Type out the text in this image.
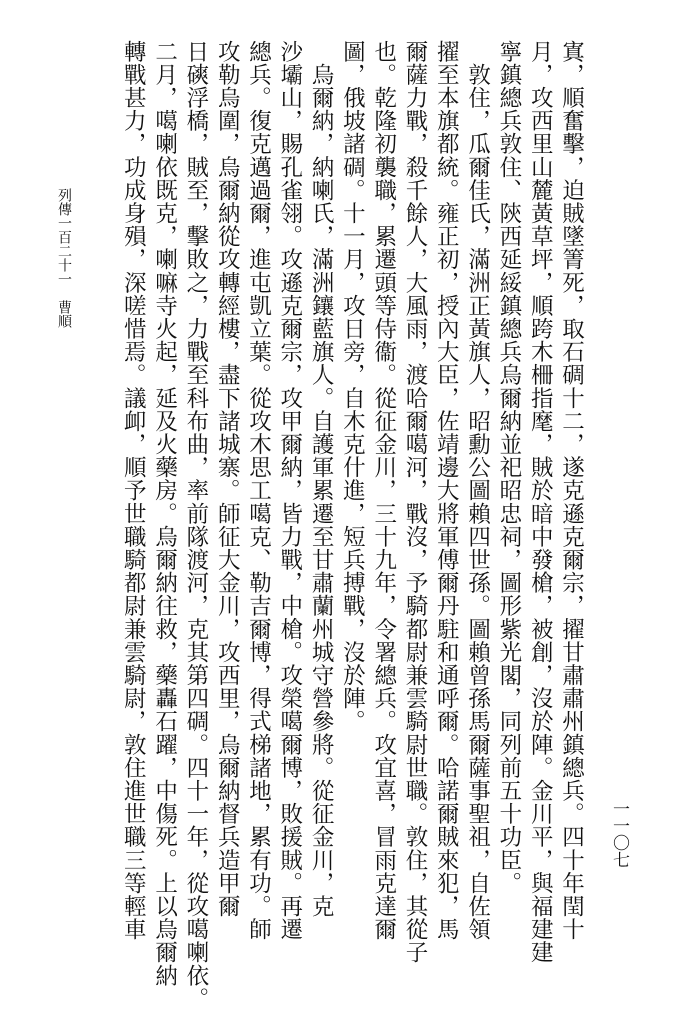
一一〇七
列傳一百二十一　曹順	寘，順奮擊，迫賊墜箐死，取石碉十二，遂克遜克爾宗，擢甘肅肅州鎮總兵。四十年閏十
月，攻西里山麓黃草坪，順跨木柵指麾，賊於暗中發槍，被創，沒於陣。金川平，與福建建
寧鎮總兵敦住、陝西延綏鎮總兵烏爾納並祀昭忠祠，圖形紫光閣，同列前五十功臣。
　敦住，瓜爾佳氏，滿洲正黃旗人，昭勳公圖賴四世孫。圖賴曾孫馬爾薩事聖祖，自佐領
擢至本旗都統。雍正初，授內大臣，佐靖邊大將軍傅爾丹駐和通呼爾。哈諾爾賊來犯，馬
爾薩力戰，殺千餘人，大風雨，渡哈爾噶河，戰沒，予騎都尉兼雲騎尉世職。敦住，其從子
也。乾隆初襲職，累遷頭等侍衞。從征金川，三十九年，令署總兵。攻宜喜，冒雨克達爾
圖，俄坡諸碉。十一月，攻日旁，自木克什進，短兵搏戰，沒於陣。
　烏爾納，納喇氏，滿洲鑲藍旗人。自護軍累遷至甘肅蘭州城守營參將。從征金川，克
沙壩山，賜孔雀翎。攻遜克爾宗，攻甲爾納，皆力戰，中槍。攻榮噶爾博，敗援賊。再遷
總兵。復克邁過爾，進屯凱立葉。從攻木思工噶克、勒吉爾博，得式梯諸地，累有功。師
攻勒烏圍，烏爾納從攻轉經樓，盡下諸城寨。師征大金川，攻西里，烏爾納督兵造甲爾
日磢浮橋，賊至，擊敗之，力戰至科布曲，率前隊渡河，克其第四碉。四十一年，從攻噶喇依。
二月，噶喇依既克，喇嘛寺火起，延及火藥房。烏爾納往救，藥轟石躍，中傷死。上以烏爾納
轉戰甚力，功成身殞，深嗟惜焉。議卹，順予世職騎都尉兼雲騎尉，敦住進世職三等輕車
